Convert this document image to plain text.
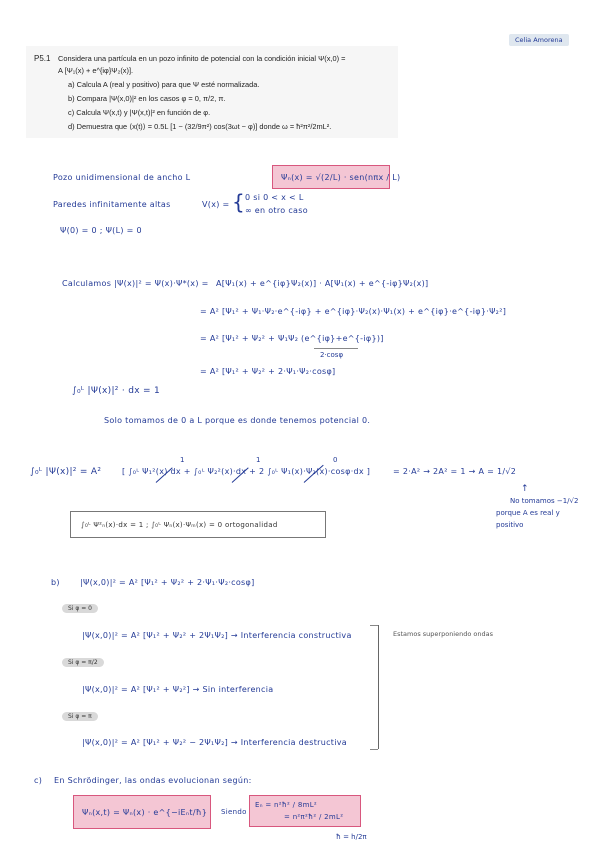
Celia Amorena
P5.1 Considera una partícula en un pozo infinito de potencial con la condición inicial Ψ(x,0) =
A [Ψ₁(x) + e^{iφ}Ψ₂(x)].
a) Calcula A (real y positivo) para que Ψ esté normalizada.
b) Compara |Ψ(x,0)|² en los casos φ = 0, π/2, π.
c) Calcula Ψ(x,t) y |Ψ(x,t)|² en función de φ.
d) Demuestra que ⟨x(t)⟩ = 0.5L [1 − (32/9π²) cos(3ωt − φ)] donde ω = ħ²π²/2mL².
Pozo unidimensional de ancho L	Ψₙ(x) = √(2/L) · sen(nπx / L)
Paredes infinitamente altas	V(x) = { 0 si 0 < x < L
∞ en otro caso
Ψ(0) = 0 ; Ψ(L) = 0
Calculamos |Ψ(x)|² = Ψ(x)·Ψ*(x) = A[Ψ₁(x) + e^{iφ}Ψ₂(x)] · A[Ψ₁(x) + e^{-iφ}Ψ₂(x)]
= A² [Ψ₁² + Ψ₁·Ψ₂·e^{-iφ} + e^{iφ}·Ψ₂(x)·Ψ₁(x) + e^{iφ}·e^{-iφ}·Ψ₂²]
= A² [Ψ₁² + Ψ₂² + Ψ₁Ψ₂ (e^{iφ}+e^{-iφ})]
2·cosφ
= A² [Ψ₁² + Ψ₂² + 2·Ψ₁·Ψ₂·cosφ]
∫₀ᴸ |Ψ(x)|² · dx = 1
Solo tomamos de 0 a L porque es donde tenemos potencial 0.
∫₀ᴸ |Ψ(x)|² = A²	[ ∫₀ᴸ Ψ₁²(x)·dx + ∫₀ᴸ Ψ₂²(x)·dx + 2 ∫₀ᴸ Ψ₁(x)·Ψ₂(x)·cosφ·dx ]	= 2·A² → 2A² = 1 → A = 1/√2
1	1	0
↑
No tomamos −1/√2
porque A es real y
positivo
∫₀ᴸ Ψ²ₙ(x)·dx = 1 ; ∫₀ᴸ Ψₙ(x)·Ψₘ(x) = 0 ortogonalidad
b)	|Ψ(x,0)|² = A² [Ψ₁² + Ψ₂² + 2·Ψ₁·Ψ₂·cosφ]
Si φ = 0
|Ψ(x,0)|² = A² [Ψ₁² + Ψ₂² + 2Ψ₁Ψ₂] → Interferencia constructiva
Si φ = π/2
|Ψ(x,0)|² = A² [Ψ₁² + Ψ₂²] → Sin interferencia
Si φ = π
|Ψ(x,0)|² = A² [Ψ₁² + Ψ₂² − 2Ψ₁Ψ₂] → Interferencia destructiva
Estamos superponiendo ondas
c) En Schrödinger, las ondas evolucionan según:
Ψₙ(x,t) = Ψₙ(x) · e^{−iEₙt/ħ} Siendo
Eₙ = n²ħ² / 8mL²
= n²π²ħ² / 2mL²
ħ = h/2π
